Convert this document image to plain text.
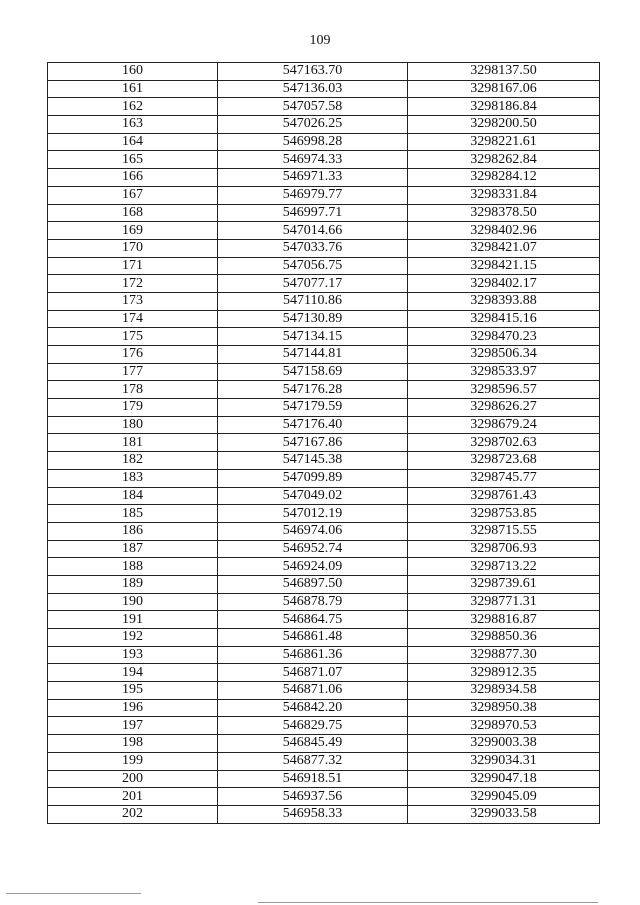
109
160	547163.70	3298137.50
161	547136.03	3298167.06
162	547057.58	3298186.84
163	547026.25	3298200.50
164	546998.28	3298221.61
165	546974.33	3298262.84
166	546971.33	3298284.12
167	546979.77	3298331.84
168	546997.71	3298378.50
169	547014.66	3298402.96
170	547033.76	3298421.07
171	547056.75	3298421.15
172	547077.17	3298402.17
173	547110.86	3298393.88
174	547130.89	3298415.16
175	547134.15	3298470.23
176	547144.81	3298506.34
177	547158.69	3298533.97
178	547176.28	3298596.57
179	547179.59	3298626.27
180	547176.40	3298679.24
181	547167.86	3298702.63
182	547145.38	3298723.68
183	547099.89	3298745.77
184	547049.02	3298761.43
185	547012.19	3298753.85
186	546974.06	3298715.55
187	546952.74	3298706.93
188	546924.09	3298713.22
189	546897.50	3298739.61
190	546878.79	3298771.31
191	546864.75	3298816.87
192	546861.48	3298850.36
193	546861.36	3298877.30
194	546871.07	3298912.35
195	546871.06	3298934.58
196	546842.20	3298950.38
197	546829.75	3298970.53
198	546845.49	3299003.38
199	546877.32	3299034.31
200	546918.51	3299047.18
201	546937.56	3299045.09
202	546958.33	3299033.58
